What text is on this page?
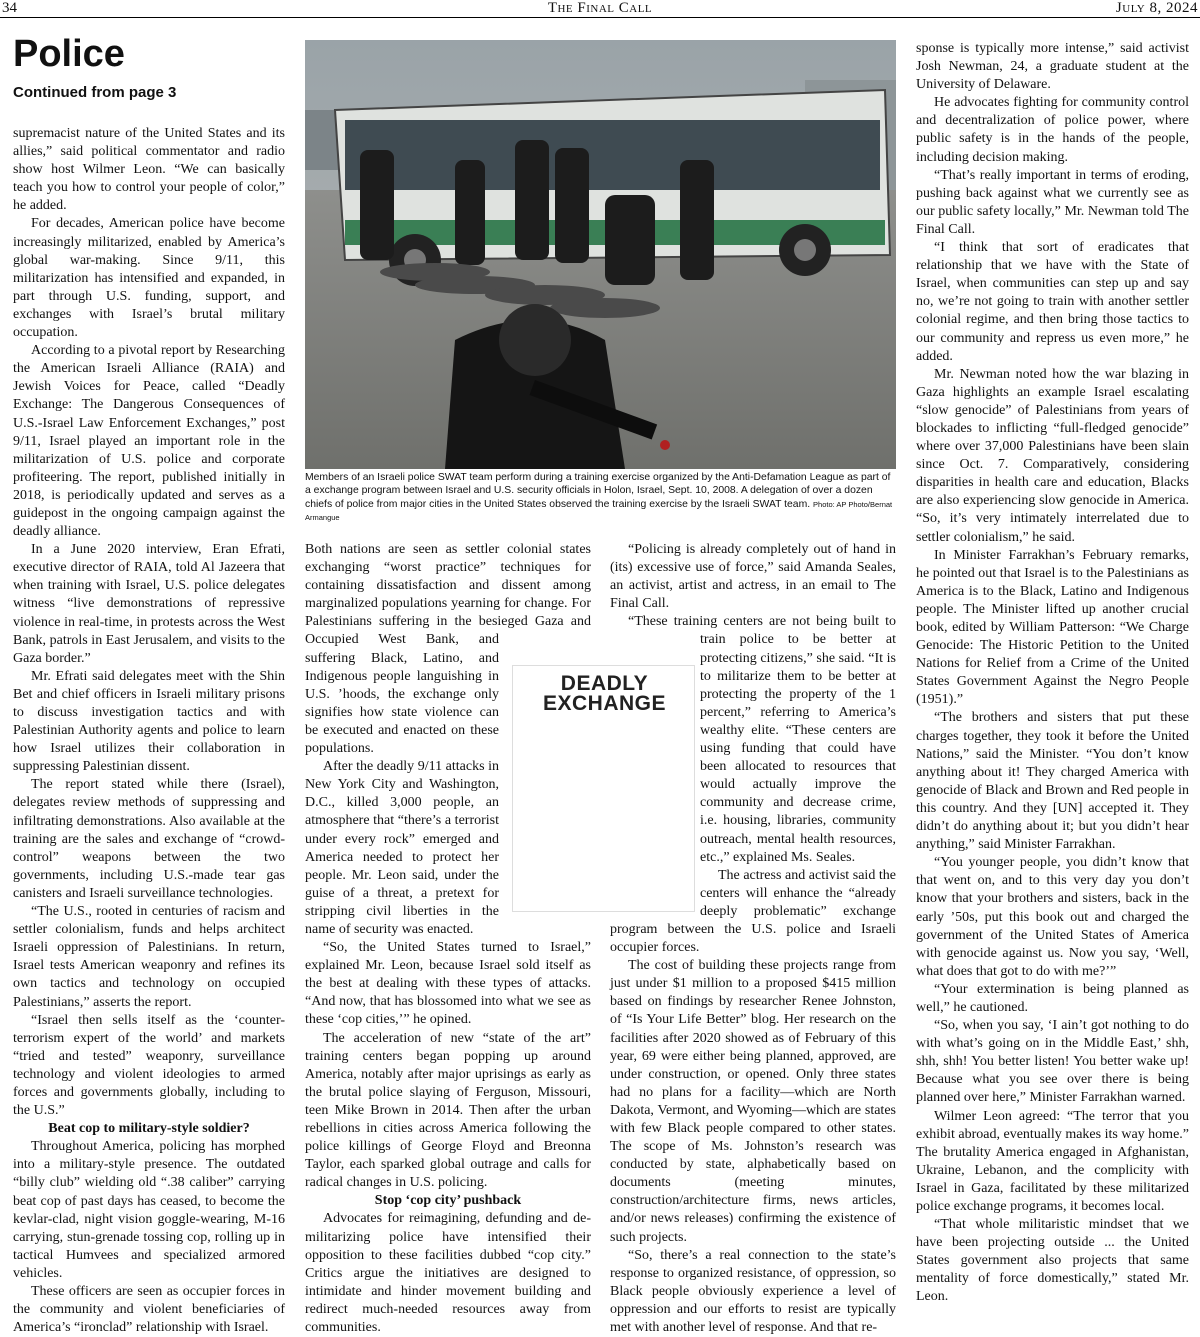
34	The Final Call	July 8, 2024
Police
Continued from page 3

supremacist nature of the United States and its allies,” said political commentator and radio show host Wilmer Leon. “We can basically teach you how to control your people of color,” he added.

For decades, American police have become increasingly militarized, enabled by America’s global war-making. Since 9/11, this militarization has intensified and expanded, in part through U.S. funding, support, and exchanges with Israel’s brutal military occupation.

According to a pivotal report by Researching the American Israeli Alliance (RAIA) and Jewish Voices for Peace, called “Deadly Exchange: The Dangerous Consequences of U.S.-Israel Law Enforcement Exchanges,” post 9/11, Israel played an important role in the militarization of U.S. police and corporate profiteering. The report, published initially in 2018, is periodically updated and serves as a guidepost in the ongoing campaign against the deadly alliance.

In a June 2020 interview, Eran Efrati, executive director of RAIA, told Al Jazeera that when training with Israel, U.S. police delegates witness “live demonstrations of repressive violence in real-time, in protests across the West Bank, patrols in East Jerusalem, and visits to the Gaza border.”

Mr. Efrati said delegates meet with the Shin Bet and chief officers in Israeli military prisons to discuss investigation tactics and with Palestinian Authority agents and police to learn how Israel utilizes their collaboration in suppressing Palestinian dissent.

The report stated while there (Israel), delegates review methods of suppressing and infiltrating demonstrations. Also available at the training are the sales and exchange of “crowd-control” weapons between the two governments, including U.S.-made tear gas canisters and Israeli surveillance technologies.

“The U.S., rooted in centuries of racism and settler colonialism, funds and helps architect Israeli oppression of Palestinians. In return, Israel tests American weaponry and refines its own tactics and technology on occupied Palestinians,” asserts the report.

“Israel then sells itself as the ‘counter-terrorism expert of the world’ and markets “tried and tested” weaponry, surveillance technology and violent ideologies to armed forces and governments globally, including to the U.S.”

Beat cop to military-style soldier?

Throughout America, policing has morphed into a military-style presence. The outdated “billy club” wielding old “.38 caliber” carrying beat cop of past days has ceased, to become the kevlar-clad, night vision goggle-wearing, M-16 carrying, stun-grenade tossing cop, rolling up in tactical Humvees and specialized armored vehicles.

These officers are seen as occupier forces in the community and violent beneficiaries of America’s “ironclad” relationship with Israel.

Members of an Israeli police SWAT team perform during a training exercise organized by the Anti-Defamation League as part of a exchange program between Israel and U.S. security officials in Holon, Israel, Sept. 10, 2008. A delegation of over a dozen chiefs of police from major cities in the United States observed the training exercise by the Israeli SWAT team. Photo: AP Photo/Bernat Armangue

Both nations are seen as settler colonial states exchanging “worst practice” techniques for containing dissatisfaction and dissent among marginalized populations yearning for change. For Palestinians suffering in the besieged Gaza and Occupied West Bank, and suffering Black, Latino, and Indigenous people languishing in U.S. ’hoods, the exchange only signifies how state violence can be executed and enacted on these populations.

After the deadly 9/11 attacks in New York City and Washington, D.C., killed 3,000 people, an atmosphere that “there’s a terrorist under every rock” emerged and America needed to protect her people. Mr. Leon said, under the guise of a threat, a pretext for stripping civil liberties in the name of security was enacted.

“So, the United States turned to Israel,” explained Mr. Leon, because Israel sold itself as the best at dealing with these types of attacks. “And now, that has blossomed into what we see as these ‘cop cities,’” he opined.

The acceleration of new “state of the art” training centers began popping up around America, notably after major uprisings as early as the brutal police slaying of Ferguson, Missouri, teen Mike Brown in 2014. Then after the urban rebellions in cities across America following the police killings of George Floyd and Breonna Taylor, each sparked global outrage and calls for radical changes in U.S. policing.

Stop ‘cop city’ pushback

Advocates for reimagining, defunding and de-militarizing police have intensified their opposition to these facilities dubbed “cop city.” Critics argue the initiatives are designed to intimidate and hinder movement building and redirect much-needed resources away from communities.

“Policing is already completely out of hand in (its) excessive use of force,” said Amanda Seales, an activist, artist and actress, in an email to The Final Call.

“These training centers are not being built to train police to be better at protecting citizens,” she said. “It is to militarize them to be better at protecting the property of the 1 percent,” referring to America’s wealthy elite. “These centers are using funding that could have been allocated to resources that would actually improve the community and decrease crime, i.e. housing, libraries, community outreach, mental health resources, etc.,” explained Ms. Seales.

The actress and activist said the centers will enhance the “already deeply problematic” exchange program between the U.S. police and Israeli occupier forces.

The cost of building these projects range from just under $1 million to a proposed $415 million based on findings by researcher Renee Johnston, of “Is Your Life Better” blog. Her research on the facilities after 2020 showed as of February of this year, 69 were either being planned, approved, are under construction, or opened. Only three states had no plans for a facility—which are North Dakota, Vermont, and Wyoming—which are states with few Black people compared to other states. The scope of Ms. Johnston’s research was conducted by state, alphabetically based on documents (meeting minutes, construction/architecture firms, news articles, and/or news releases) confirming the existence of such projects.

“So, there’s a real connection to the state’s response to organized resistance, of oppression, so Black people obviously experience a level of oppression and our efforts to resist are typically met with another level of response. And that re-

DEADLY
EXCHANGE

sponse is typically more intense,” said activist Josh Newman, 24, a graduate student at the University of Delaware.

He advocates fighting for community control and decentralization of police power, where public safety is in the hands of the people, including decision making.

“That’s really important in terms of eroding, pushing back against what we currently see as our public safety locally,” Mr. Newman told The Final Call.

“I think that sort of eradicates that relationship that we have with the State of Israel, when communities can step up and say no, we’re not going to train with another settler colonial regime, and then bring those tactics to our community and repress us even more,” he added.

Mr. Newman noted how the war blazing in Gaza highlights an example Israel escalating “slow genocide” of Palestinians from years of blockades to inflicting “full-fledged genocide” where over 37,000 Palestinians have been slain since Oct. 7. Comparatively, considering disparities in health care and education, Blacks are also experiencing slow genocide in America. “So, it’s very intimately interrelated due to settler colonialism,” he said.

In Minister Farrakhan’s February remarks, he pointed out that Israel is to the Palestinians as America is to the Black, Latino and Indigenous people. The Minister lifted up another crucial book, edited by William Patterson: “We Charge Genocide: The Historic Petition to the United Nations for Relief from a Crime of the United States Government Against the Negro People (1951).”

“The brothers and sisters that put these charges together, they took it before the United Nations,” said the Minister. “You don’t know anything about it! They charged America with genocide of Black and Brown and Red people in this country. And they [UN] accepted it. They didn’t do anything about it; but you didn’t hear anything,” said Minister Farrakhan.

“You younger people, you didn’t know that that went on, and to this very day you don’t know that your brothers and sisters, back in the early ’50s, put this book out and charged the government of the United States of America with genocide against us. Now you say, ‘Well, what does that got to do with me?’”

“Your extermination is being planned as well,” he cautioned.

“So, when you say, ‘I ain’t got nothing to do with what’s going on in the Middle East,’ shh, shh, shh! You better listen! You better wake up! Because what you see over there is being planned over here,” Minister Farrakhan warned.

Wilmer Leon agreed: “The terror that you exhibit abroad, eventually makes its way home.” The brutality America engaged in Afghanistan, Ukraine, Lebanon, and the complicity with Israel in Gaza, facilitated by these militarized police exchange programs, it becomes local.

“That whole militaristic mindset that we have been projecting outside ... the United States government also projects that same mentality of force domestically,” stated Mr. Leon.
